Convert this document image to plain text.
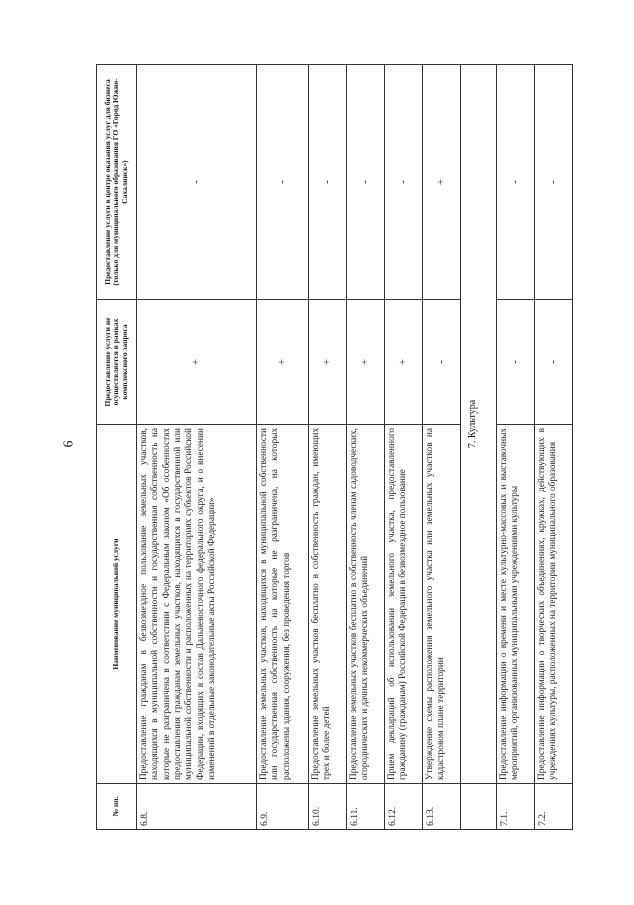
6
№ пп.	Наименование муниципальной услуги	Предоставление услуги не осуществляется в рамках комплексного запроса	Предоставление услуги в центре оказания услуг для бизнеса (только для муниципального образования ГО «Город Южно-Сахалинск»)
6.8.	Предоставление гражданам в безвозмездное пользование земельных участков, находящихся в муниципальной собственности и государственная собственность на которые не разграничена в соответствии с Федеральным законом «Об особенностях предоставления гражданам земельных участков, находящихся в государственной или муниципальной собственности и расположенных на территориях субъектов Российской Федерации, входящих в состав Дальневосточного федерального округа, и о внесении изменений в отдельные законодательные акты Российской Федерации»	+	-
6.9.	Предоставление земельных участков, находящихся в муниципальной собственности или государственная собственность на которые не разграничена, на которых расположены здания, сооружения, без проведения торгов	+	-
6.10.	Предоставление земельных участков бесплатно в собственность граждан, имеющих трех и более детей	+	-
6.11.	Предоставление земельных участков бесплатно в собственность членам садоводческих, огороднических и дачных некоммерческих объединений	+	-
6.12.	Прием деклараций об использовании земельного участка, предоставленного гражданину (гражданам) Российской Федерации в безвозмездное пользование	+	-
6.13.	Утверждение схемы расположения земельного участка или земельных участков на кадастровом плане территории	-	+
	7. Культура		
7.1.	Предоставление информации о времени и месте культурно-массовых и выставочных мероприятий, организованных муниципальными учреждениями культуры	-	-
7.2.	Предоставление информации о творческих объединениях, кружках, действующих в учреждениях культуры, расположенных на территории муниципального образования	-	-
